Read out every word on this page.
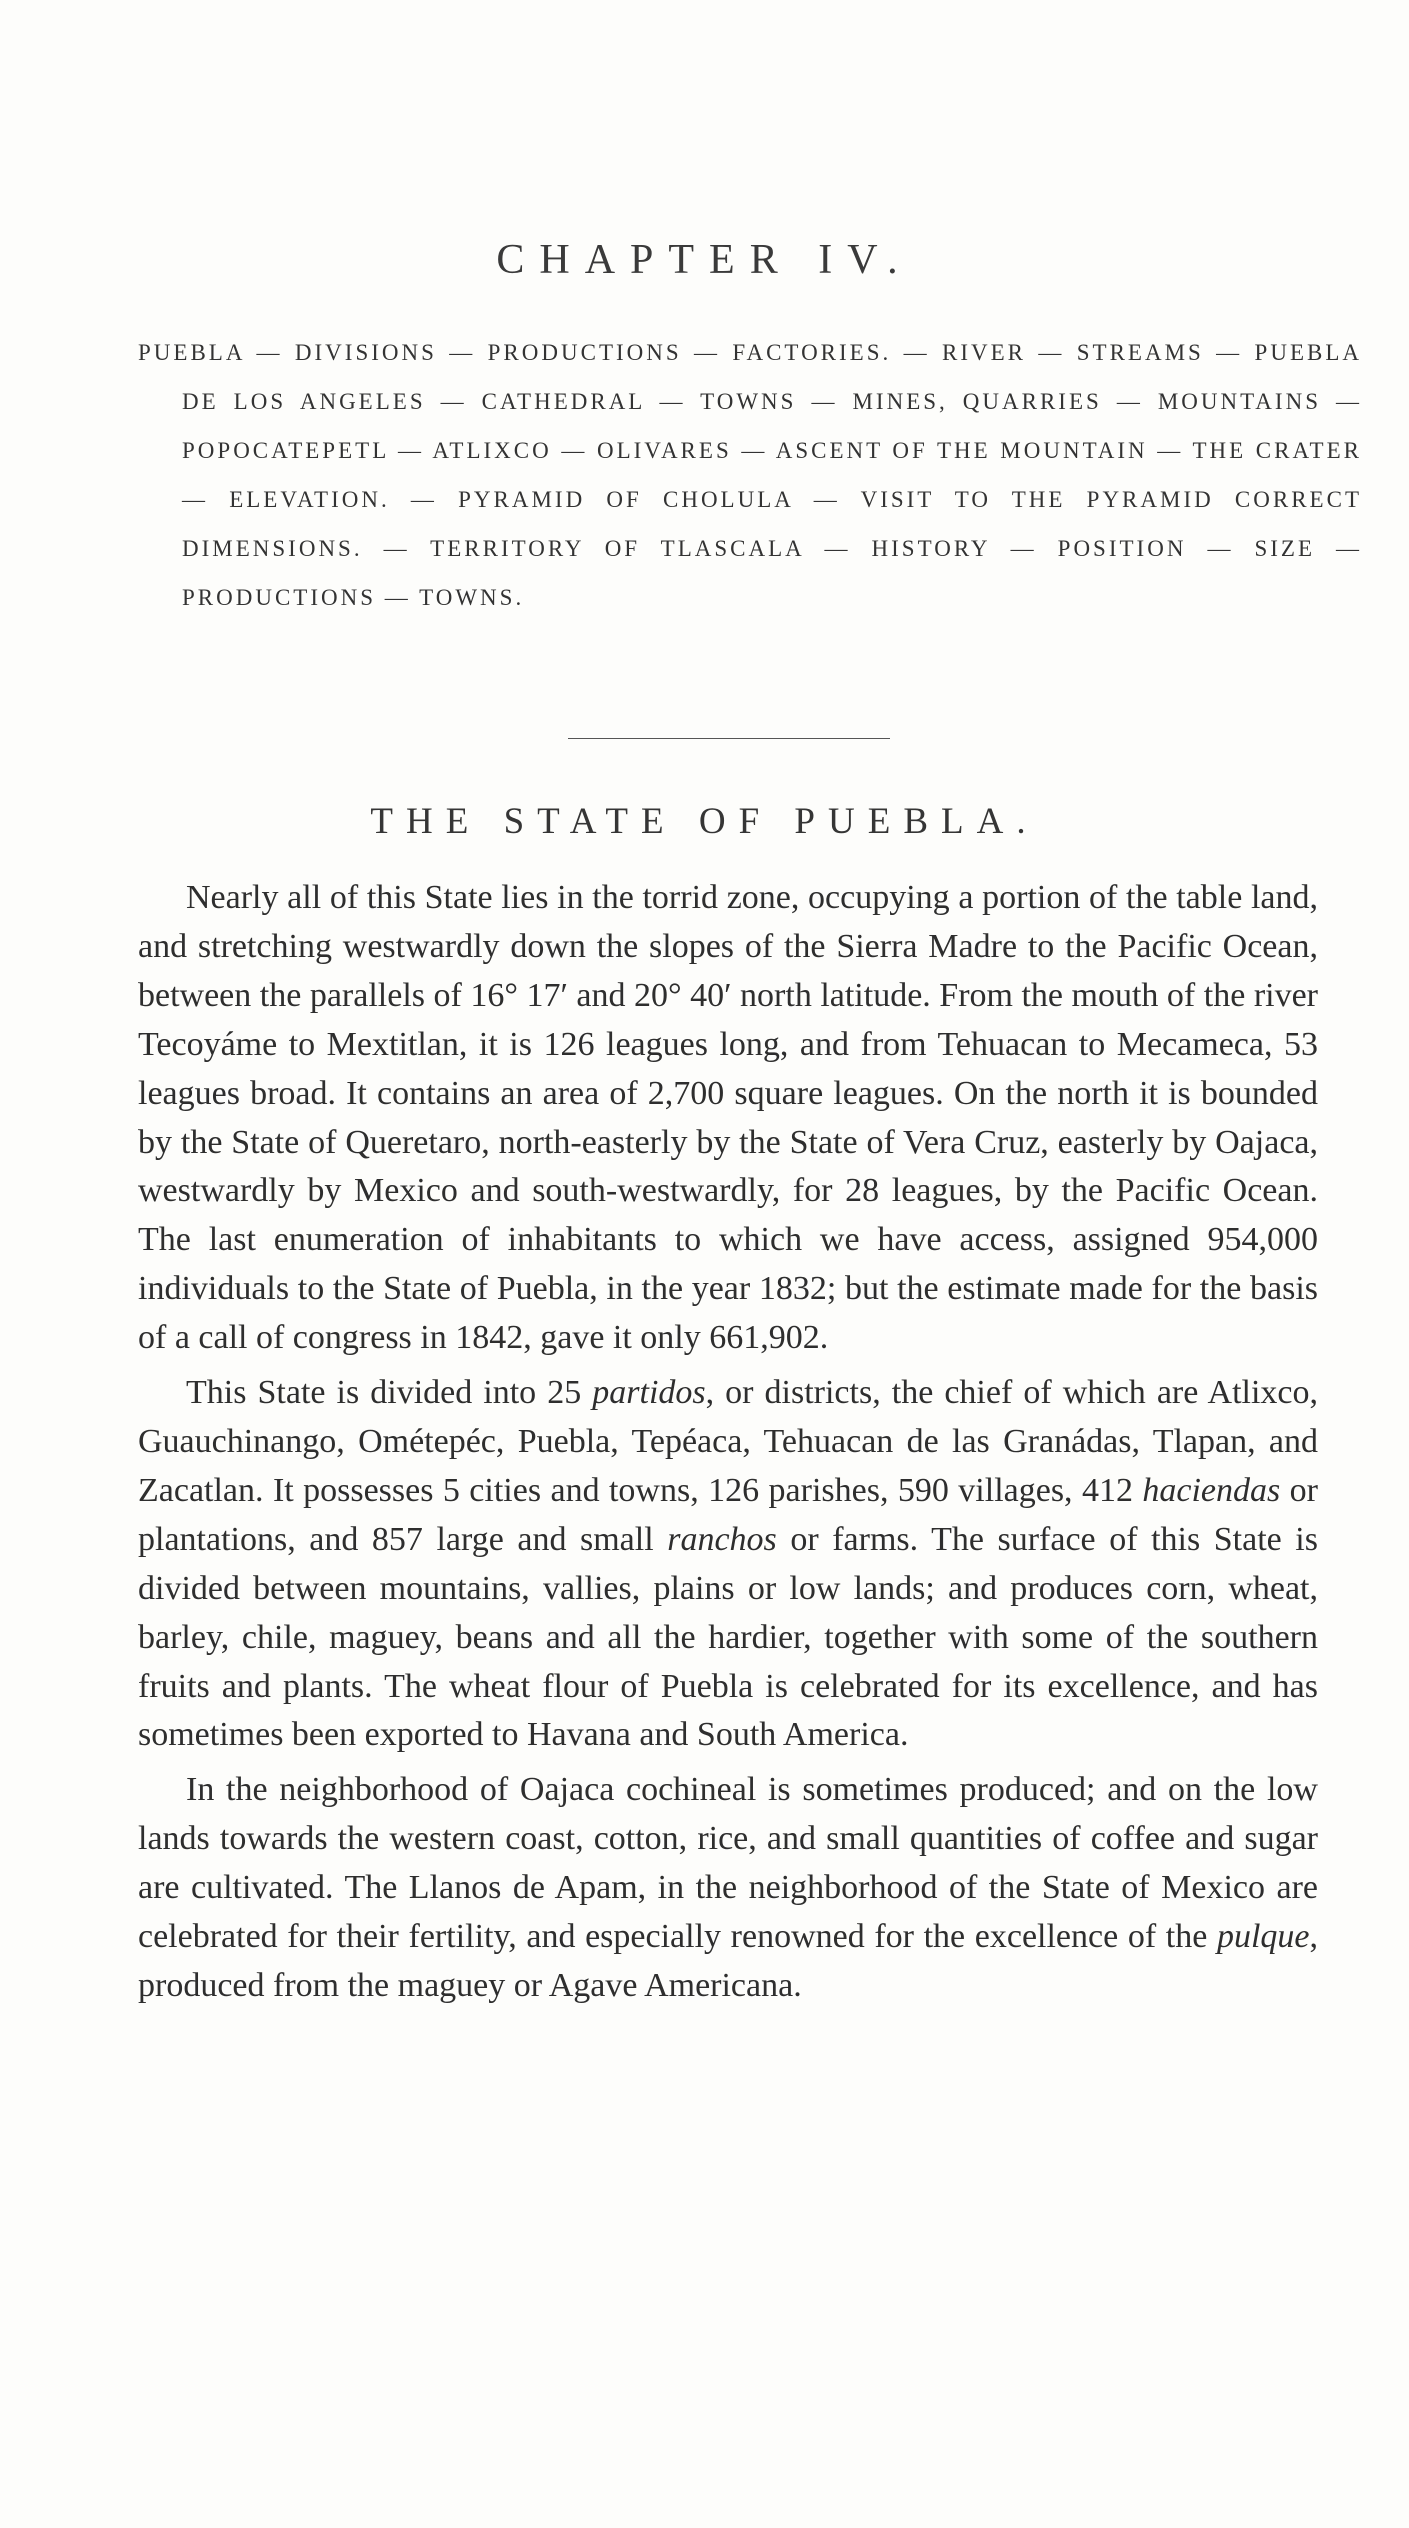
CHAPTER IV.
PUEBLA — DIVISIONS — PRODUCTIONS — FACTORIES. — RIVER — STREAMS — PUEBLA DE LOS ANGELES — CATHEDRAL — TOWNS — MINES, QUARRIES — MOUNTAINS — POPOCATEPETL — ATLIXCO — OLIVARES — ASCENT OF THE MOUNTAIN — THE CRATER — ELEVATION. — PYRAMID OF CHOLULA — VISIT TO THE PYRAMID CORRECT DIMENSIONS. — TERRITORY OF TLASCALA — HISTORY — POSITION — SIZE — PRODUCTIONS — TOWNS.
THE STATE OF PUEBLA.

Nearly all of this State lies in the torrid zone, occupying a portion of the table land, and stretching westwardly down the slopes of the Sierra Madre to the Pacific Ocean, between the parallels of 16° 17′ and 20° 40′ north latitude. From the mouth of the river Tecoyáme to Mextitlan, it is 126 leagues long, and from Tehuacan to Mecameca, 53 leagues broad. It contains an area of 2,700 square leagues. On the north it is bounded by the State of Queretaro, north-easterly by the State of Vera Cruz, easterly by Oajaca, westwardly by Mexico and south-westwardly, for 28 leagues, by the Pacific Ocean. The last enumeration of inhabitants to which we have access, assigned 954,000 individuals to the State of Puebla, in the year 1832; but the estimate made for the basis of a call of congress in 1842, gave it only 661,902.

This State is divided into 25 partidos, or districts, the chief of which are Atlixco, Guauchinango, Ométepéc, Puebla, Tepéaca, Tehuacan de las Granádas, Tlapan, and Zacatlan. It possesses 5 cities and towns, 126 parishes, 590 villages, 412 haciendas or plantations, and 857 large and small ranchos or farms. The surface of this State is divided between mountains, vallies, plains or low lands; and produces corn, wheat, barley, chile, maguey, beans and all the hardier, together with some of the southern fruits and plants. The wheat flour of Puebla is celebrated for its excellence, and has sometimes been exported to Havana and South America.

In the neighborhood of Oajaca cochineal is sometimes produced; and on the low lands towards the western coast, cotton, rice, and small quantities of coffee and sugar are cultivated. The Llanos de Apam, in the neighborhood of the State of Mexico are celebrated for their fertility, and especially renowned for the excellence of the pulque, produced from the maguey or Agave Americana.
